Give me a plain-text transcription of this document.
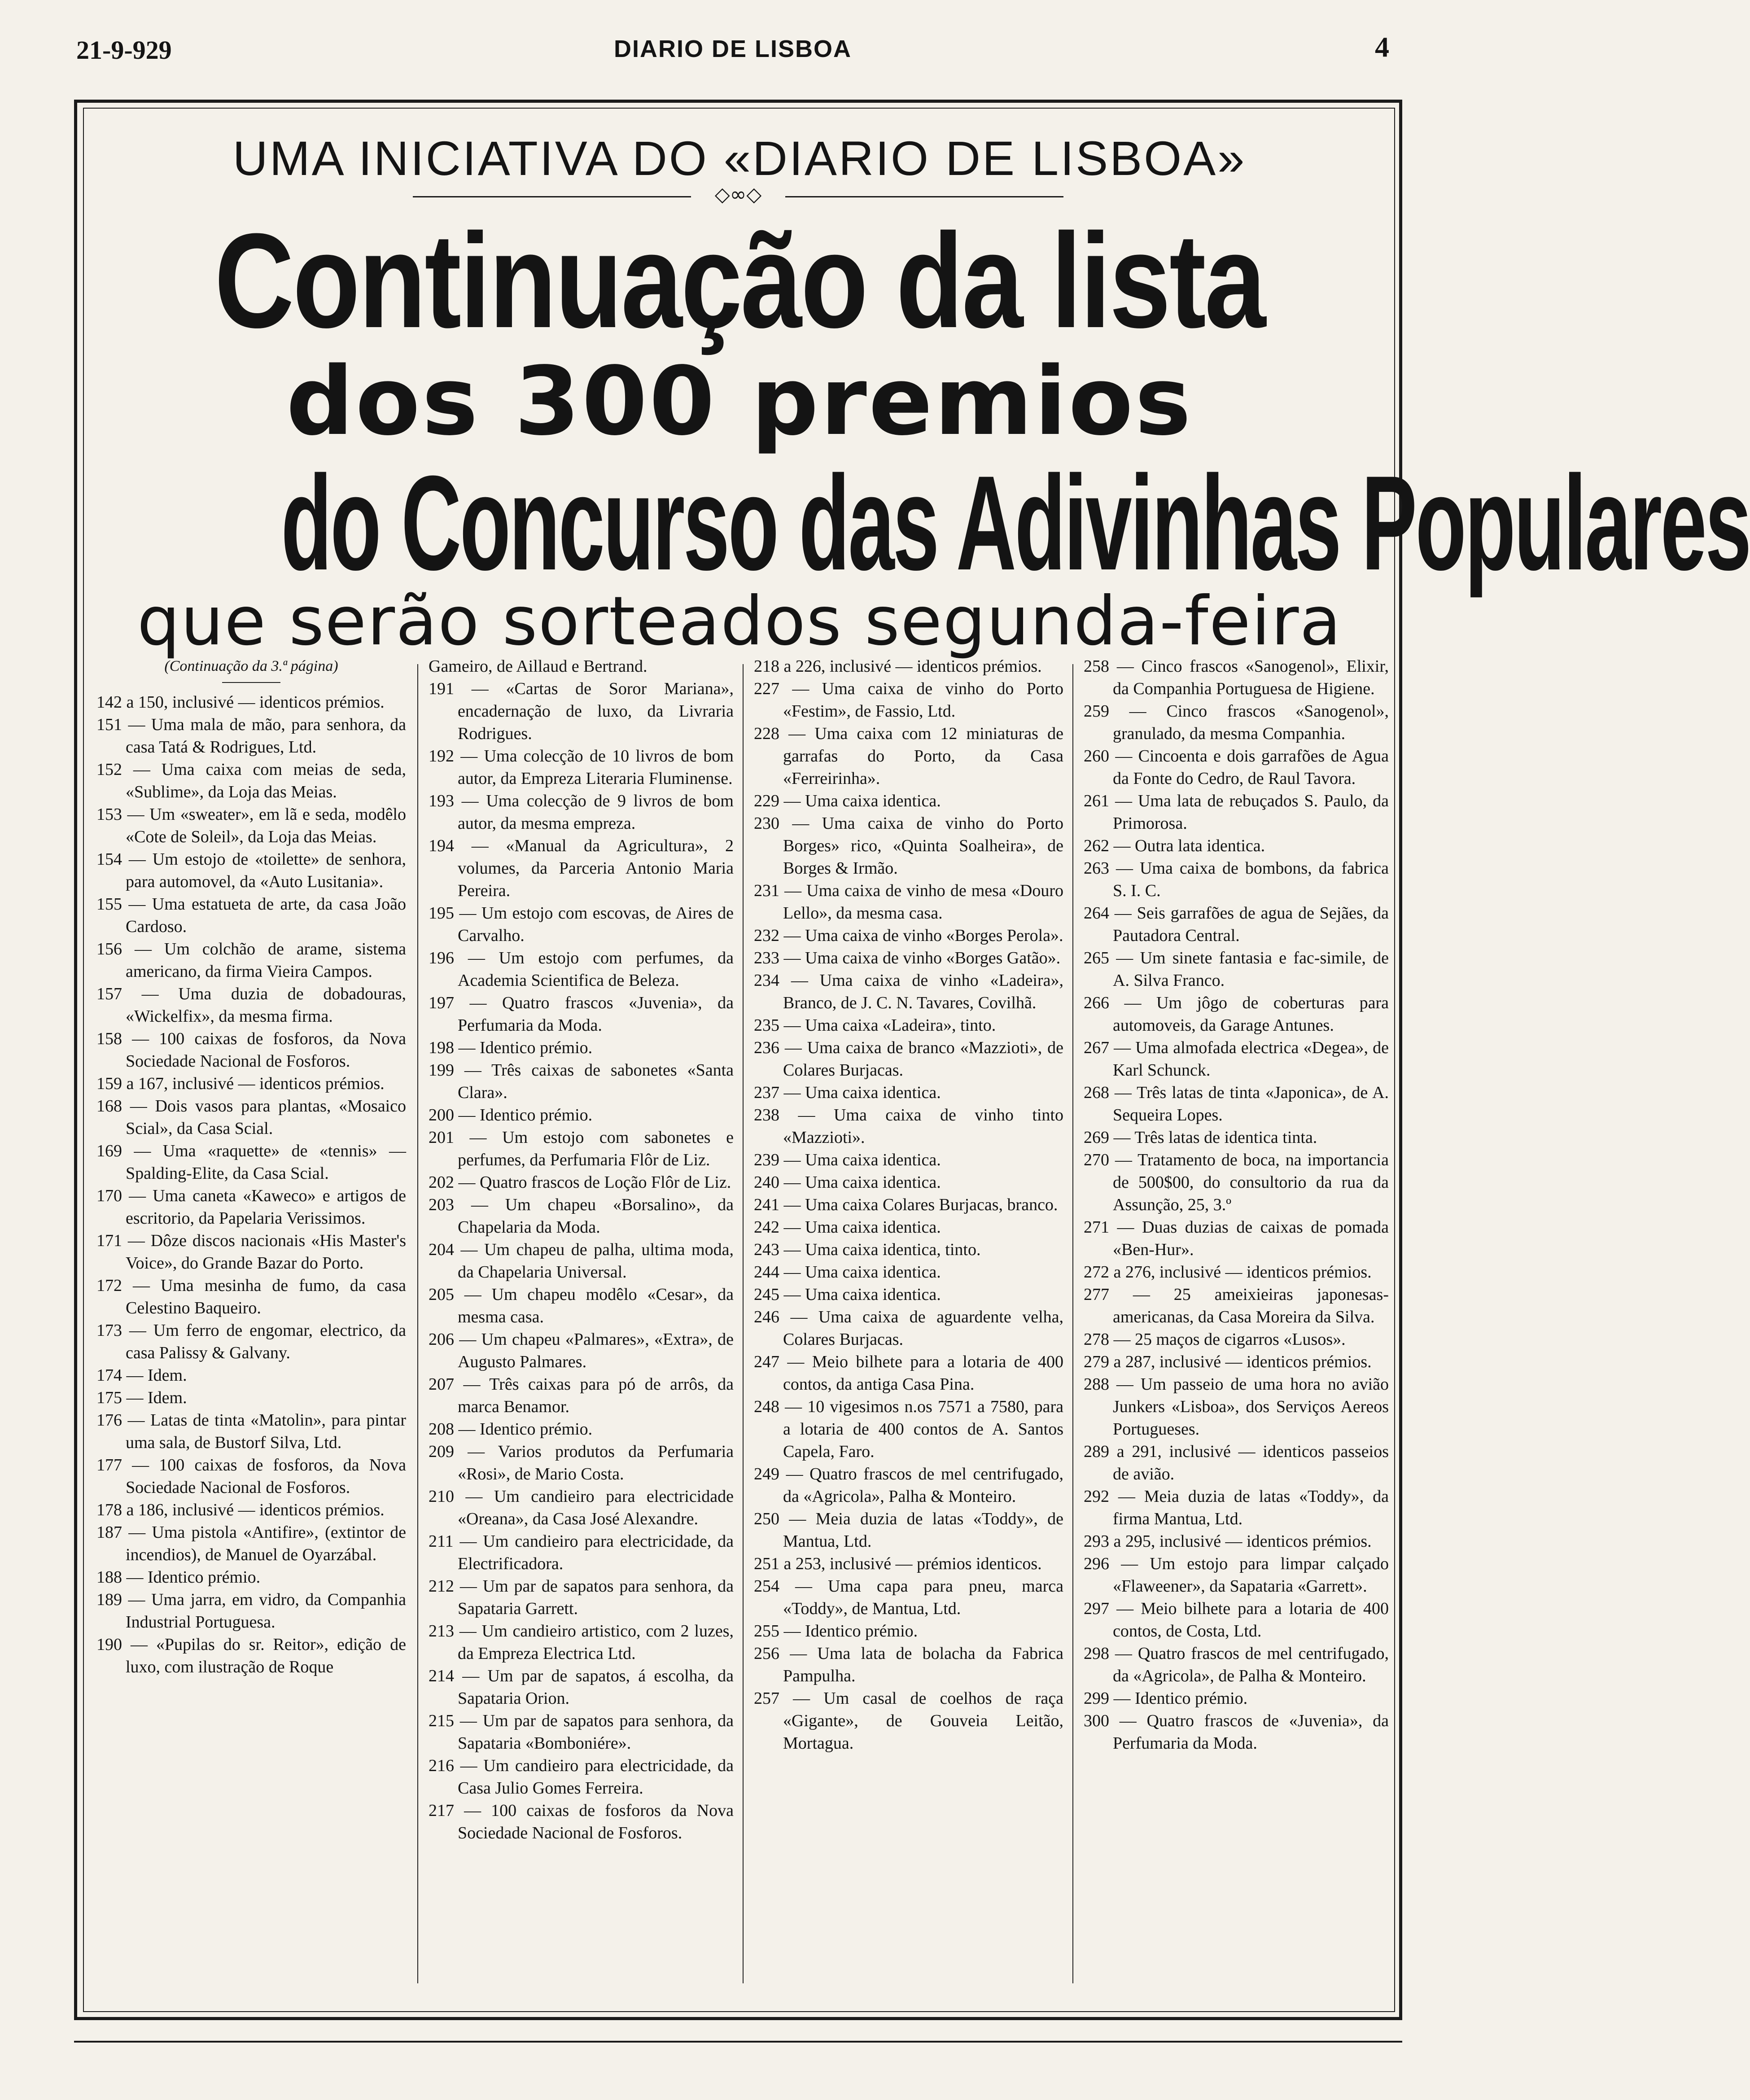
21-9-929	DIARIO DE LISBOA	4
UMA INICIATIVA DO «DIARIO DE LISBOA»
◇∞◇
Continuação da lista
dos 300 premios
do Concurso das Adivinhas Populares
que serão sorteados segunda-feira
(Continuação da 3.ª página)

142 a 150, inclusivé — identicos prémios.

151 — Uma mala de mão, para senhora, da casa Tatá & Rodrigues, Ltd.

152 — Uma caixa com meias de seda, «Sublime», da Loja das Meias.

153 — Um «sweater», em lã e seda, modêlo «Cote de Soleil», da Loja das Meias.

154 — Um estojo de «toilette» de senhora, para automovel, da «Auto Lusitania».

155 — Uma estatueta de arte, da casa João Cardoso.

156 — Um colchão de arame, sistema americano, da firma Vieira Campos.

157 — Uma duzia de dobadouras, «Wickelfix», da mesma firma.

158 — 100 caixas de fosforos, da Nova Sociedade Nacional de Fosforos.

159 a 167, inclusivé — identicos prémios.

168 — Dois vasos para plantas, «Mosaico Scial», da Casa Scial.

169 — Uma «raquette» de «tennis» — Spalding-Elite, da Casa Scial.

170 — Uma caneta «Kaweco» e artigos de escritorio, da Papelaria Verissimos.

171 — Dôze discos nacionais «His Master's Voice», do Grande Bazar do Porto.

172 — Uma mesinha de fumo, da casa Celestino Baqueiro.

173 — Um ferro de engomar, electrico, da casa Palissy & Galvany.

174 — Idem.

175 — Idem.

176 — Latas de tinta «Matolin», para pintar uma sala, de Bustorf Silva, Ltd.

177 — 100 caixas de fosforos, da Nova Sociedade Nacional de Fosforos.

178 a 186, inclusivé — identicos prémios.

187 — Uma pistola «Antifire», (extintor de incendios), de Manuel de Oyarzábal.

188 — Identico prémio.

189 — Uma jarra, em vidro, da Companhia Industrial Portuguesa.

190 — «Pupilas do sr. Reitor», edição de luxo, com ilustração de Roque

Gameiro, de Aillaud e Bertrand.

191 — «Cartas de Soror Mariana», encadernação de luxo, da Livraria Rodrigues.

192 — Uma colecção de 10 livros de bom autor, da Empreza Literaria Fluminense.

193 — Uma colecção de 9 livros de bom autor, da mesma empreza.

194 — «Manual da Agricultura», 2 volumes, da Parceria Antonio Maria Pereira.

195 — Um estojo com escovas, de Aires de Carvalho.

196 — Um estojo com perfumes, da Academia Scientifica de Beleza.

197 — Quatro frascos «Juvenia», da Perfumaria da Moda.

198 — Identico prémio.

199 — Três caixas de sabonetes «Santa Clara».

200 — Identico prémio.

201 — Um estojo com sabonetes e perfumes, da Perfumaria Flôr de Liz.

202 — Quatro frascos de Loção Flôr de Liz.

203 — Um chapeu «Borsalino», da Chapelaria da Moda.

204 — Um chapeu de palha, ultima moda, da Chapelaria Universal.

205 — Um chapeu modêlo «Cesar», da mesma casa.

206 — Um chapeu «Palmares», «Extra», de Augusto Palmares.

207 — Três caixas para pó de arrôs, da marca Benamor.

208 — Identico prémio.

209 — Varios produtos da Perfumaria «Rosi», de Mario Costa.

210 — Um candieiro para electricidade «Oreana», da Casa José Alexandre.

211 — Um candieiro para electricidade, da Electrificadora.

212 — Um par de sapatos para senhora, da Sapataria Garrett.

213 — Um candieiro artistico, com 2 luzes, da Empreza Electrica Ltd.

214 — Um par de sapatos, á escolha, da Sapataria Orion.

215 — Um par de sapatos para senhora, da Sapataria «Bomboniére».

216 — Um candieiro para electricidade, da Casa Julio Gomes Ferreira.

217 — 100 caixas de fosforos da Nova Sociedade Nacional de Fosforos.

218 a 226, inclusivé — identicos prémios.

227 — Uma caixa de vinho do Porto «Festim», de Fassio, Ltd.

228 — Uma caixa com 12 miniaturas de garrafas do Porto, da Casa «Ferreirinha».

229 — Uma caixa identica.

230 — Uma caixa de vinho do Porto Borges» rico, «Quinta Soalheira», de Borges & Irmão.

231 — Uma caixa de vinho de mesa «Douro Lello», da mesma casa.

232 — Uma caixa de vinho «Borges Perola».

233 — Uma caixa de vinho «Borges Gatão».

234 — Uma caixa de vinho «Ladeira», Branco, de J. C. N. Tavares, Covilhã.

235 — Uma caixa «Ladeira», tinto.

236 — Uma caixa de branco «Mazzioti», de Colares Burjacas.

237 — Uma caixa identica.

238 — Uma caixa de vinho tinto «Mazzioti».

239 — Uma caixa identica.

240 — Uma caixa identica.

241 — Uma caixa Colares Burjacas, branco.

242 — Uma caixa identica.

243 — Uma caixa identica, tinto.

244 — Uma caixa identica.

245 — Uma caixa identica.

246 — Uma caixa de aguardente velha, Colares Burjacas.

247 — Meio bilhete para a lotaria de 400 contos, da antiga Casa Pina.

248 — 10 vigesimos n.os 7571 a 7580, para a lotaria de 400 contos de A. Santos Capela, Faro.

249 — Quatro frascos de mel centrifugado, da «Agricola», Palha & Monteiro.

250 — Meia duzia de latas «Toddy», de Mantua, Ltd.

251 a 253, inclusivé — prémios identicos.

254 — Uma capa para pneu, marca «Toddy», de Mantua, Ltd.

255 — Identico prémio.

256 — Uma lata de bolacha da Fabrica Pampulha.

257 — Um casal de coelhos de raça «Gigante», de Gouveia Leitão, Mortagua.

258 — Cinco frascos «Sanogenol», Elixir, da Companhia Portuguesa de Higiene.

259 — Cinco frascos «Sanogenol», granulado, da mesma Companhia.

260 — Cincoenta e dois garrafões de Agua da Fonte do Cedro, de Raul Tavora.

261 — Uma lata de rebuçados S. Paulo, da Primorosa.

262 — Outra lata identica.

263 — Uma caixa de bombons, da fabrica S. I. C.

264 — Seis garrafões de agua de Sejães, da Pautadora Central.

265 — Um sinete fantasia e fac-simile, de A. Silva Franco.

266 — Um jôgo de coberturas para automoveis, da Garage Antunes.

267 — Uma almofada electrica «Degea», de Karl Schunck.

268 — Três latas de tinta «Japonica», de A. Sequeira Lopes.

269 — Três latas de identica tinta.

270 — Tratamento de boca, na importancia de 500$00, do consultorio da rua da Assunção, 25, 3.º

271 — Duas duzias de caixas de pomada «Ben-Hur».

272 a 276, inclusivé — identicos prémios.

277 — 25 ameixieiras japonesas-americanas, da Casa Moreira da Silva.

278 — 25 maços de cigarros «Lusos».

279 a 287, inclusivé — identicos prémios.

288 — Um passeio de uma hora no avião Junkers «Lisboa», dos Serviços Aereos Portugueses.

289 a 291, inclusivé — identicos passeios de avião.

292 — Meia duzia de latas «Toddy», da firma Mantua, Ltd.

293 a 295, inclusivé — identicos prémios.

296 — Um estojo para limpar calçado «Flaweener», da Sapataria «Garrett».

297 — Meio bilhete para a lotaria de 400 contos, de Costa, Ltd.

298 — Quatro frascos de mel centrifugado, da «Agricola», de Palha & Monteiro.

299 — Identico prémio.

300 — Quatro frascos de «Juvenia», da Perfumaria da Moda.
